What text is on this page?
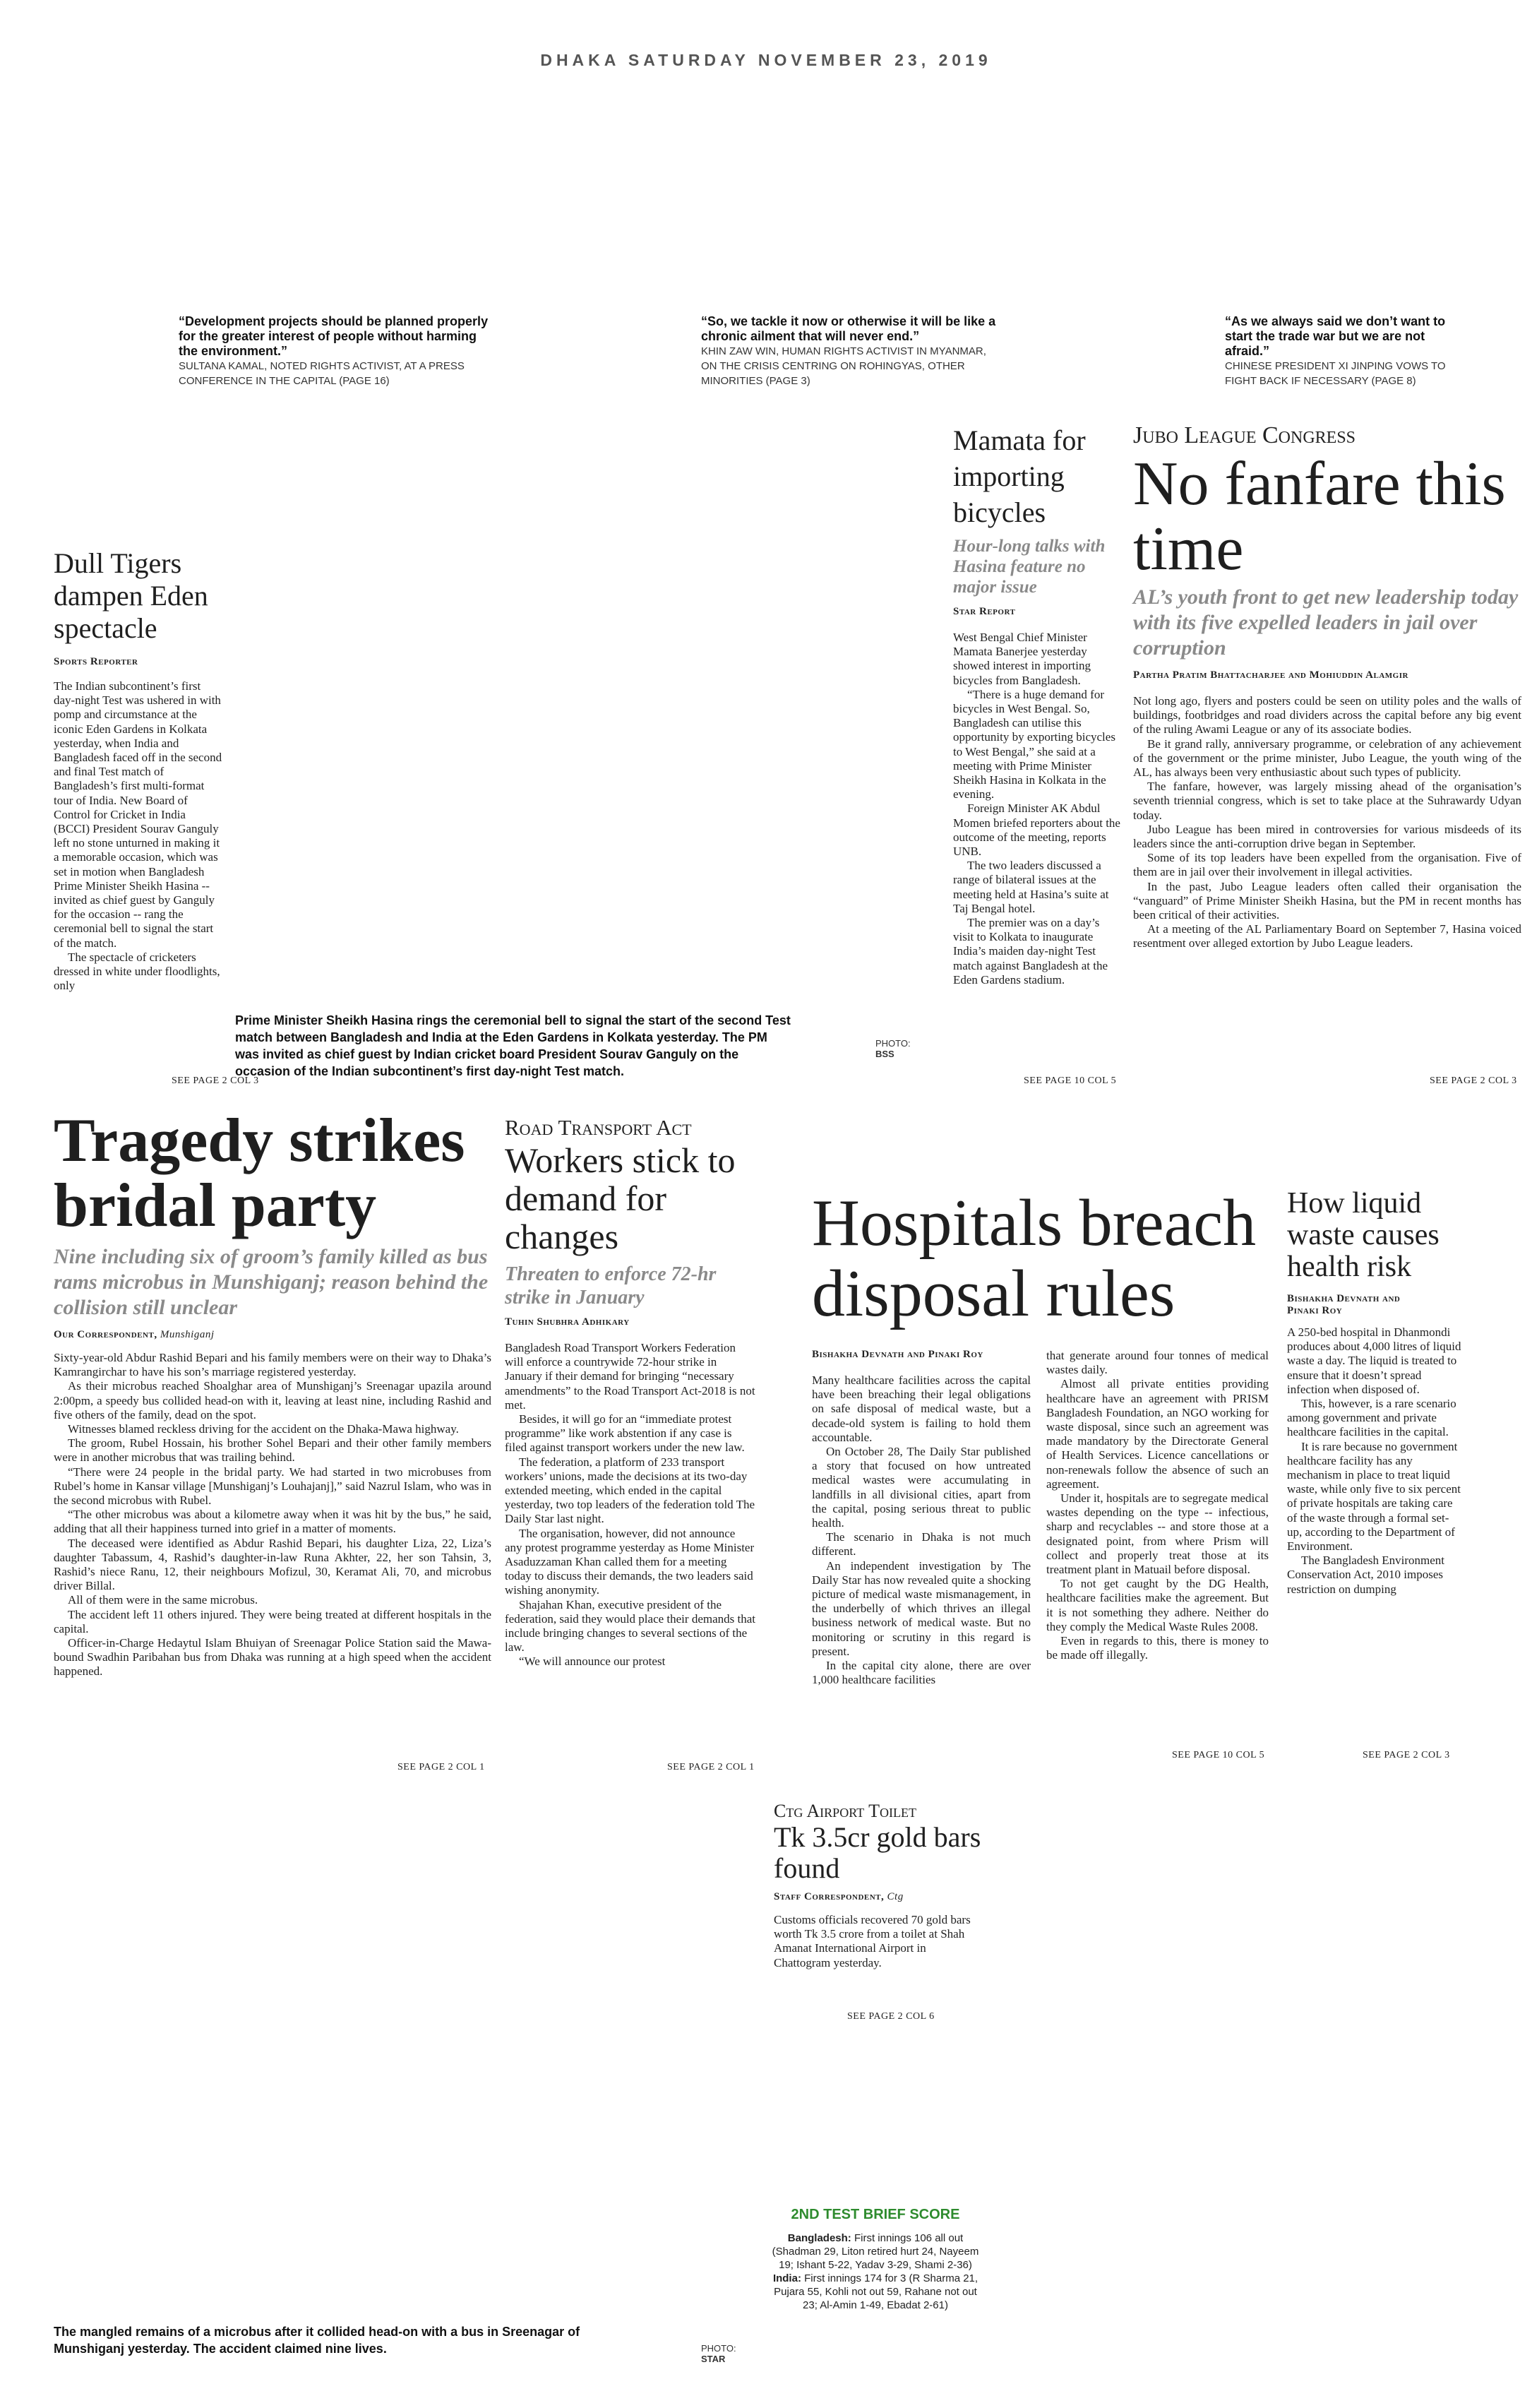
DHAKA SATURDAY NOVEMBER 23, 2019
“Development projects should be planned properly for the greater interest of people without harming the environment.”
SULTANA KAMAL, NOTED RIGHTS ACTIVIST, AT A PRESS CONFERENCE IN THE CAPITAL (PAGE 16)
“So, we tackle it now or otherwise it will be like a chronic ailment that will never end.”
KHIN ZAW WIN, HUMAN RIGHTS ACTIVIST IN MYANMAR, ON THE CRISIS CENTRING ON ROHINGYAS, OTHER MINORITIES (PAGE 3)
“As we always said we don’t want to start the trade war but we are not afraid.”
CHINESE PRESIDENT XI JINPING VOWS TO FIGHT BACK IF NECESSARY (PAGE 8)
Dull Tigers dampen Eden spectacle
Sports Reporter

The Indian subcontinent’s first day-night Test was ushered in with pomp and circumstance at the iconic Eden Gardens in Kolkata yesterday, when India and Bangladesh faced off in the second and final Test match of Bangladesh’s first multi-format tour of India. New Board of Control for Cricket in India (BCCI) President Sourav Ganguly left no stone unturned in making it a memorable occasion, which was set in motion when Bangladesh Prime Minister Sheikh Hasina -- invited as chief guest by Ganguly for the occasion -- rang the ceremonial bell to signal the start of the match.

The spectacle of cricketers dressed in white under floodlights, only

SEE PAGE 2 COL 3
Prime Minister Sheikh Hasina rings the ceremonial bell to signal the start of the second Test match between Bangladesh and India at the Eden Gardens in Kolkata yesterday. The PM was invited as chief guest by Indian cricket board President Sourav Ganguly on the occasion of the Indian subcontinent’s first day-night Test match.
PHOTO:
BSS
Mamata for importing bicycles
Hour-long talks with Hasina feature no major issue
Star Report

West Bengal Chief Minister Mamata Banerjee yesterday showed interest in importing bicycles from Bangladesh.

“There is a huge demand for bicycles in West Bengal. So, Bangladesh can utilise this opportunity by exporting bicycles to West Bengal,” she said at a meeting with Prime Minister Sheikh Hasina in Kolkata in the evening.

Foreign Minister AK Abdul Momen briefed reporters about the outcome of the meeting, reports UNB.

The two leaders discussed a range of bilateral issues at the meeting held at Hasina’s suite at Taj Bengal hotel.

The premier was on a day’s visit to Kolkata to inaugurate India’s maiden day-night Test match against Bangladesh at the Eden Gardens stadium.

SEE PAGE 10 COL 5
Jubo League Congress
No fanfare this time
AL’s youth front to get new leadership today with its five expelled leaders in jail over corruption
Partha Pratim Bhattacharjee and Mohiuddin Alamgir

Not long ago, flyers and posters could be seen on utility poles and the walls of buildings, footbridges and road dividers across the capital before any big event of the ruling Awami League or any of its associate bodies.

Be it grand rally, anniversary programme, or celebration of any achievement of the government or the prime minister, Jubo League, the youth wing of the AL, has always been very enthusiastic about such types of publicity.

The fanfare, however, was largely missing ahead of the organisation’s seventh triennial congress, which is set to take place at the Suhrawardy Udyan today.

Jubo League has been mired in controversies for various misdeeds of its leaders since the anti-corruption drive began in September.

Some of its top leaders have been expelled from the organisation. Five of them are in jail over their involvement in illegal activities.

In the past, Jubo League leaders often called their organisation the “vanguard” of Prime Minister Sheikh Hasina, but the PM in recent months has been critical of their activities.

At a meeting of the AL Parliamentary Board on September 7, Hasina voiced resentment over alleged extortion by Jubo League leaders.

SEE PAGE 2 COL 3
Tragedy strikes bridal party
Nine including six of groom’s family killed as bus rams microbus in Munshiganj; reason behind the collision still unclear
Our Correspondent, Munshiganj

Sixty-year-old Abdur Rashid Bepari and his family members were on their way to Dhaka’s Kamrangirchar to have his son’s marriage registered yesterday.

As their microbus reached Shoalghar area of Munshiganj’s Sreenagar upazila around 2:00pm, a speedy bus collided head-on with it, leaving at least nine, including Rashid and five others of the family, dead on the spot.

Witnesses blamed reckless driving for the accident on the Dhaka-Mawa highway.

The groom, Rubel Hossain, his brother Sohel Bepari and their other family members were in another microbus that was trailing behind.

“There were 24 people in the bridal party. We had started in two microbuses from Rubel’s home in Kansar village [Munshiganj’s Louhajanj],” said Nazrul Islam, who was in the second microbus with Rubel.

“The other microbus was about a kilometre away when it was hit by the bus,” he said, adding that all their happiness turned into grief in a matter of moments.

The deceased were identified as Abdur Rashid Bepari, his daughter Liza, 22, Liza’s daughter Tabassum, 4, Rashid’s daughter-in-law Runa Akhter, 22, her son Tahsin, 3, Rashid’s niece Ranu, 12, their neighbours Mofizul, 30, Keramat Ali, 70, and microbus driver Billal.

All of them were in the same microbus.

The accident left 11 others injured. They were being treated at different hospitals in the capital.

Officer-in-Charge Hedaytul Islam Bhuiyan of Sreenagar Police Station said the Mawa-bound Swadhin Paribahan bus from Dhaka was running at a high speed when the accident happened.

SEE PAGE 2 COL 1
Road Transport Act
Workers stick to demand for changes
Threaten to enforce 72-hr strike in January
Tuhin Shubhra Adhikary

Bangladesh Road Transport Workers Federation will enforce a countrywide 72-hour strike in January if their demand for bringing “necessary amendments” to the Road Transport Act-2018 is not met.

Besides, it will go for an “immediate protest programme” like work abstention if any case is filed against transport workers under the new law.

The federation, a platform of 233 transport workers’ unions, made the decisions at its two-day extended meeting, which ended in the capital yesterday, two top leaders of the federation told The Daily Star last night.

The organisation, however, did not announce any protest programme yesterday as Home Minister Asaduzzaman Khan called them for a meeting today to discuss their demands, the two leaders said wishing anonymity.

Shajahan Khan, executive president of the federation, said they would place their demands that include bringing changes to several sections of the law.

“We will announce our protest

SEE PAGE 2 COL 1
Hospitals breach disposal rules
Bishakha Devnath and Pinaki Roy

Many healthcare facilities across the capital have been breaching their legal obligations on safe disposal of medical waste, but a decade-old system is failing to hold them accountable.

On October 28, The Daily Star published a story that focused on how untreated medical wastes were accumulating in landfills in all divisional cities, apart from the capital, posing serious threat to public health.

The scenario in Dhaka is not much different.

An independent investigation by The Daily Star has now revealed quite a shocking picture of medical waste mismanagement, in the underbelly of which thrives an illegal business network of medical waste. But no monitoring or scrutiny in this regard is present.

In the capital city alone, there are over 1,000 healthcare facilities

that generate around four tonnes of medical wastes daily.

Almost all private entities providing healthcare have an agreement with PRISM Bangladesh Foundation, an NGO working for waste disposal, since such an agreement was made mandatory by the Directorate General of Health Services. Licence cancellations or non-renewals follow the absence of such an agreement.

Under it, hospitals are to segregate medical wastes depending on the type -- infectious, sharp and recyclables -- and store those at a designated point, from where Prism will collect and properly treat those at its treatment plant in Matuail before disposal.

To not get caught by the DG Health, healthcare facilities make the agreement. But it is not something they adhere. Neither do they comply the Medical Waste Rules 2008.

Even in regards to this, there is money to be made off illegally.

SEE PAGE 10 COL 5
How liquid waste causes health risk
Bishakha Devnath and Pinaki Roy

A 250-bed hospital in Dhanmondi produces about 4,000 litres of liquid waste a day. The liquid is treated to ensure that it doesn’t spread infection when disposed of.

This, however, is a rare scenario among government and private healthcare facilities in the capital.

It is rare because no government healthcare facility has any mechanism in place to treat liquid waste, while only five to six percent of private hospitals are taking care of the waste through a formal set-up, according to the Department of Environment.

The Bangladesh Environment Conservation Act, 2010 imposes restriction on dumping

SEE PAGE 2 COL 3
Ctg Airport Toilet
Tk 3.5cr gold bars found
Staff Correspondent, Ctg

Customs officials recovered 70 gold bars worth Tk 3.5 crore from a toilet at Shah Amanat International Airport in Chattogram yesterday.

SEE PAGE 2 COL 6
2ND TEST BRIEF SCORE
Bangladesh: First innings 106 all out (Shadman 29, Liton retired hurt 24, Nayeem 19; Ishant 5-22, Yadav 3-29, Shami 2-36)
India: First innings 174 for 3 (R Sharma 21, Pujara 55, Kohli not out 59, Rahane not out 23; Al-Amin 1-49, Ebadat 2-61)
The mangled remains of a microbus after it collided head-on with a bus in Sreenagar of Munshiganj yesterday. The accident claimed nine lives.	PHOTO:
STAR
